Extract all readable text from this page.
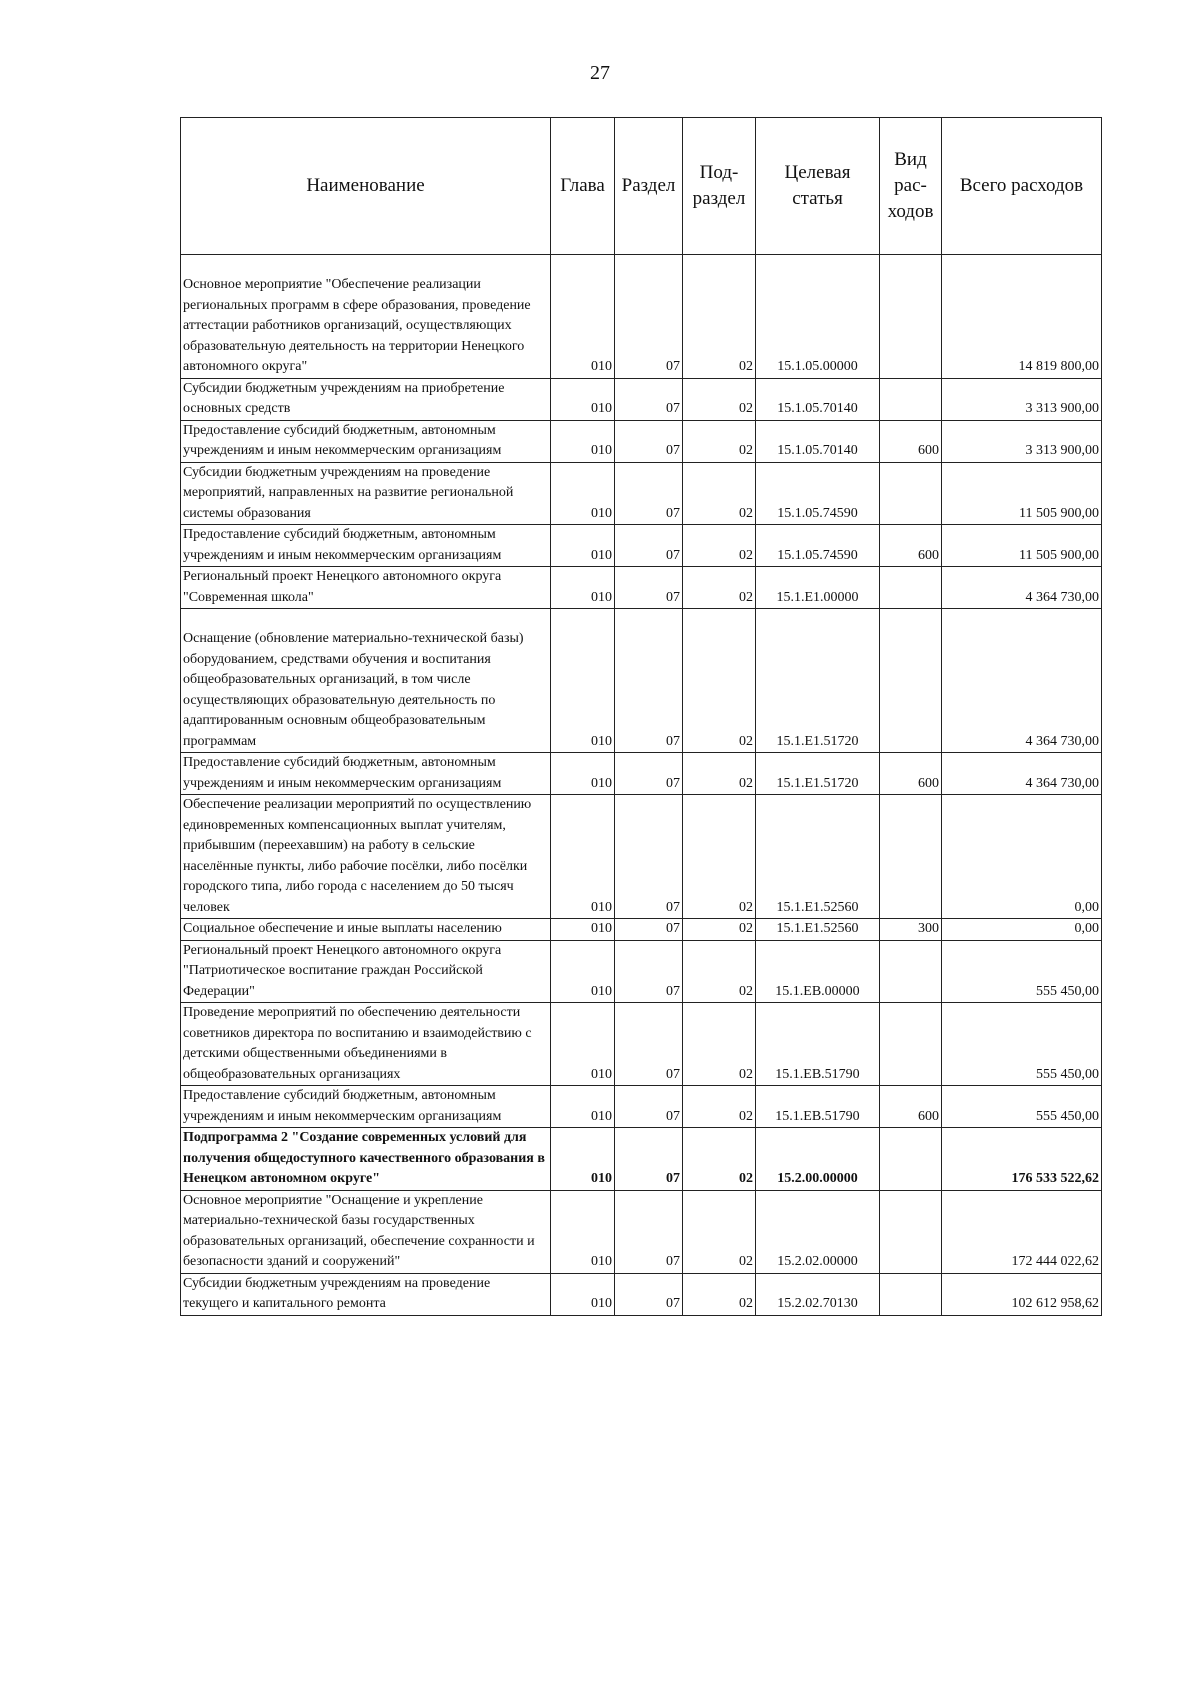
27
Наименование	Глава	Раздел	Под-раздел	Целевая статья	Вид рас-ходов	Всего расходов
Основное мероприятие "Обеспечение реализации региональных программ в сфере образования, проведение аттестации работников организаций, осуществляющих образовательную деятельность на территории Ненецкого автономного округа"	010	07	02	15.1.05.00000		14 819 800,00
Субсидии бюджетным учреждениям на приобретение основных средств	010	07	02	15.1.05.70140		3 313 900,00
Предоставление субсидий бюджетным, автономным учреждениям и иным некоммерческим организациям	010	07	02	15.1.05.70140	600	3 313 900,00
Субсидии бюджетным учреждениям на проведение мероприятий, направленных на развитие региональной системы образования	010	07	02	15.1.05.74590		11 505 900,00
Предоставление субсидий бюджетным, автономным учреждениям и иным некоммерческим организациям	010	07	02	15.1.05.74590	600	11 505 900,00
Региональный проект Ненецкого автономного округа "Современная школа"	010	07	02	15.1.E1.00000		4 364 730,00
Оснащение (обновление материально-технической базы) оборудованием, средствами обучения и воспитания общеобразовательных организаций, в том числе осуществляющих образовательную деятельность по адаптированным основным общеобразовательным программам	010	07	02	15.1.E1.51720		4 364 730,00
Предоставление субсидий бюджетным, автономным учреждениям и иным некоммерческим организациям	010	07	02	15.1.E1.51720	600	4 364 730,00
Обеспечение реализации мероприятий по осуществлению единовременных компенсационных выплат учителям, прибывшим (переехавшим) на работу в сельские населённые пункты, либо рабочие посёлки, либо посёлки городского типа, либо города с населением до 50 тысяч человек	010	07	02	15.1.E1.52560		0,00
Социальное обеспечение и иные выплаты населению	010	07	02	15.1.E1.52560	300	0,00
Региональный проект Ненецкого автономного округа "Патриотическое воспитание граждан Российской Федерации"	010	07	02	15.1.EB.00000		555 450,00
Проведение мероприятий по обеспечению деятельности советников директора по воспитанию и взаимодействию с детскими общественными объединениями в общеобразовательных организациях	010	07	02	15.1.EB.51790		555 450,00
Предоставление субсидий бюджетным, автономным учреждениям и иным некоммерческим организациям	010	07	02	15.1.EB.51790	600	555 450,00
Подпрограмма 2 "Создание современных условий для получения общедоступного качественного образования в Ненецком автономном округе"	010	07	02	15.2.00.00000		176 533 522,62
Основное мероприятие "Оснащение и укрепление материально-технической базы государственных образовательных организаций, обеспечение сохранности и безопасности зданий и сооружений"	010	07	02	15.2.02.00000		172 444 022,62
Субсидии бюджетным учреждениям на проведение текущего и капитального ремонта	010	07	02	15.2.02.70130		102 612 958,62
